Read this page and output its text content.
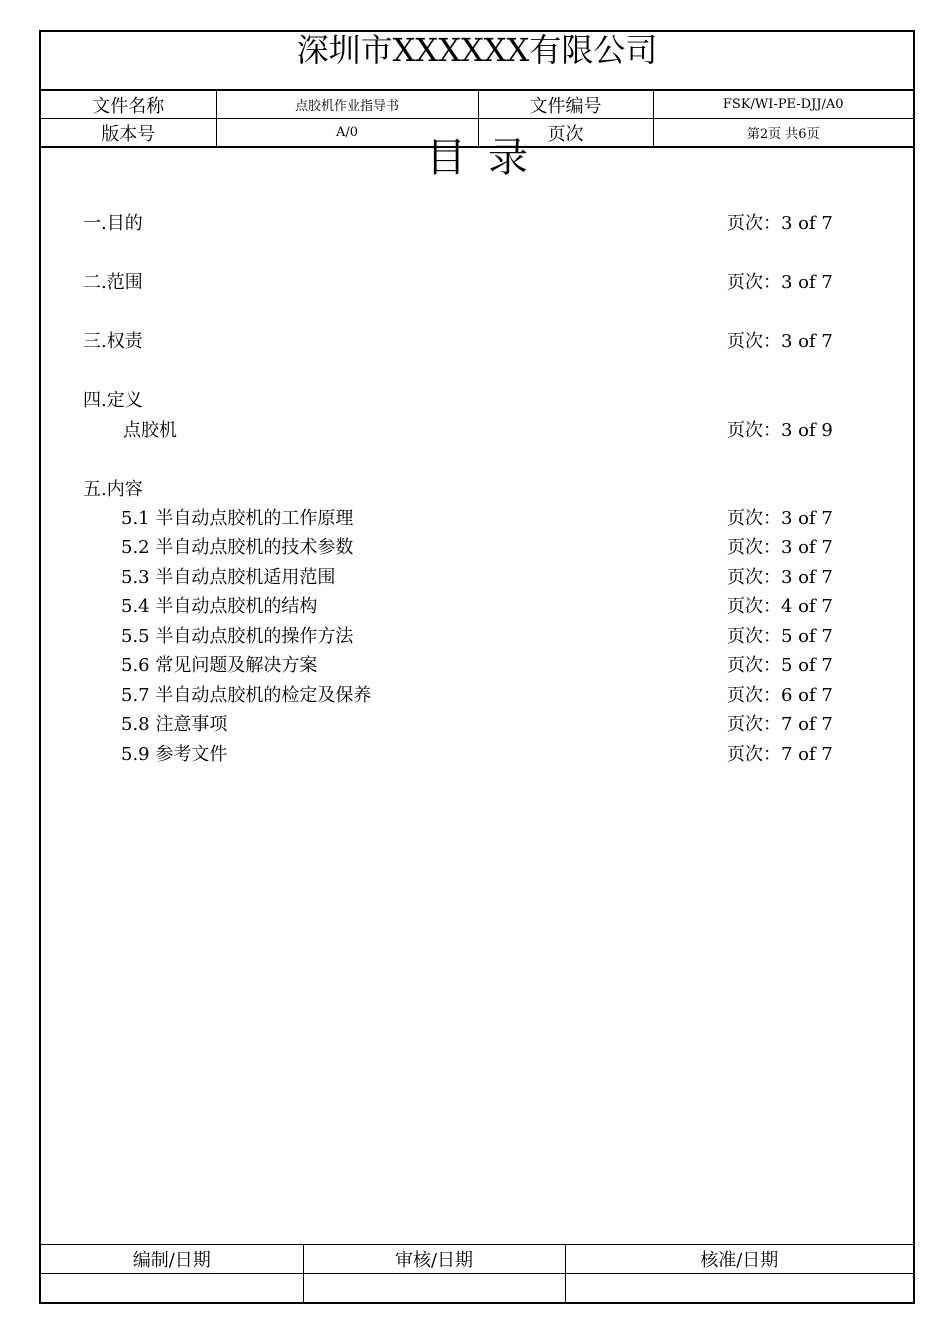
深圳市XXXXXX有限公司
文件名称	点胶机作业指导书	文件编号	FSK/WI-PE-DJJ/A0
版本号	A/0	页次	第2页 共6页
目录
一.目的	页次：3 of 7
二.范围	页次：3 of 7
三.权责	页次：3 of 7
四.定义
点胶机	页次：3 of 9
五.内容
5.1 半自动点胶机的工作原理	页次：3 of 7
5.2 半自动点胶机的技术参数	页次：3 of 7
5.3 半自动点胶机适用范围	页次：3 of 7
5.4 半自动点胶机的结构	页次：4 of 7
5.5 半自动点胶机的操作方法	页次：5 of 7
5.6 常见问题及解决方案	页次：5 of 7
5.7 半自动点胶机的检定及保养	页次：6 of 7
5.8 注意事项	页次：7 of 7
5.9 参考文件	页次：7 of 7
编制/日期	审核/日期	核准/日期
